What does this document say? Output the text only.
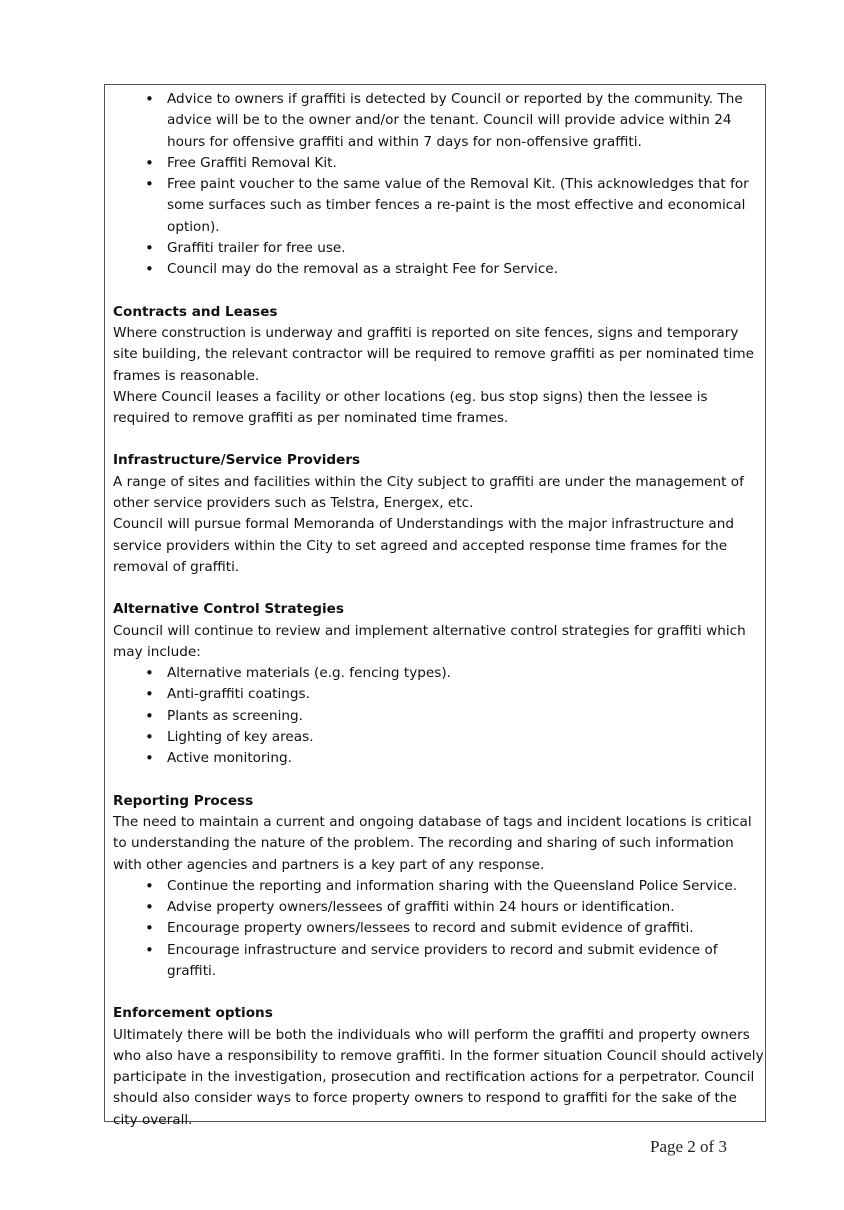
• Advice to owners if graffiti is detected by Council or reported by the community. The advice will be to the owner and/or the tenant. Council will provide advice within 24 hours for offensive graffiti and within 7 days for non-offensive graffiti.
• Free Graffiti Removal Kit.
• Free paint voucher to the same value of the Removal Kit. (This acknowledges that for some surfaces such as timber fences a re-paint is the most effective and economical option).
• Graffiti trailer for free use.
• Council may do the removal as a straight Fee for Service.
Contracts and Leases

Where construction is underway and graffiti is reported on site fences, signs and temporary site building, the relevant contractor will be required to remove graffiti as per nominated time frames is reasonable.

Where Council leases a facility or other locations (eg. bus stop signs) then the lessee is required to remove graffiti as per nominated time frames.

Infrastructure/Service Providers

A range of sites and facilities within the City subject to graffiti are under the management of other service providers such as Telstra, Energex, etc.

Council will pursue formal Memoranda of Understandings with the major infrastructure and service providers within the City to set agreed and accepted response time frames for the removal of graffiti.

Alternative Control Strategies

Council will continue to review and implement alternative control strategies for graffiti which may include:

• Alternative materials (e.g. fencing types).
• Anti-graffiti coatings.
• Plants as screening.
• Lighting of key areas.
• Active monitoring.
Reporting Process

The need to maintain a current and ongoing database of tags and incident locations is critical to understanding the nature of the problem. The recording and sharing of such information with other agencies and partners is a key part of any response.

• Continue the reporting and information sharing with the Queensland Police Service.
• Advise property owners/lessees of graffiti within 24 hours or identification.
• Encourage property owners/lessees to record and submit evidence of graffiti.
• Encourage infrastructure and service providers to record and submit evidence of graffiti.
Enforcement options

Ultimately there will be both the individuals who will perform the graffiti and property owners who also have a responsibility to remove graffiti. In the former situation Council should actively participate in the investigation, prosecution and rectification actions for a perpetrator. Council should also consider ways to force property owners to respond to graffiti for the sake of the city overall.

Page 2 of 3
